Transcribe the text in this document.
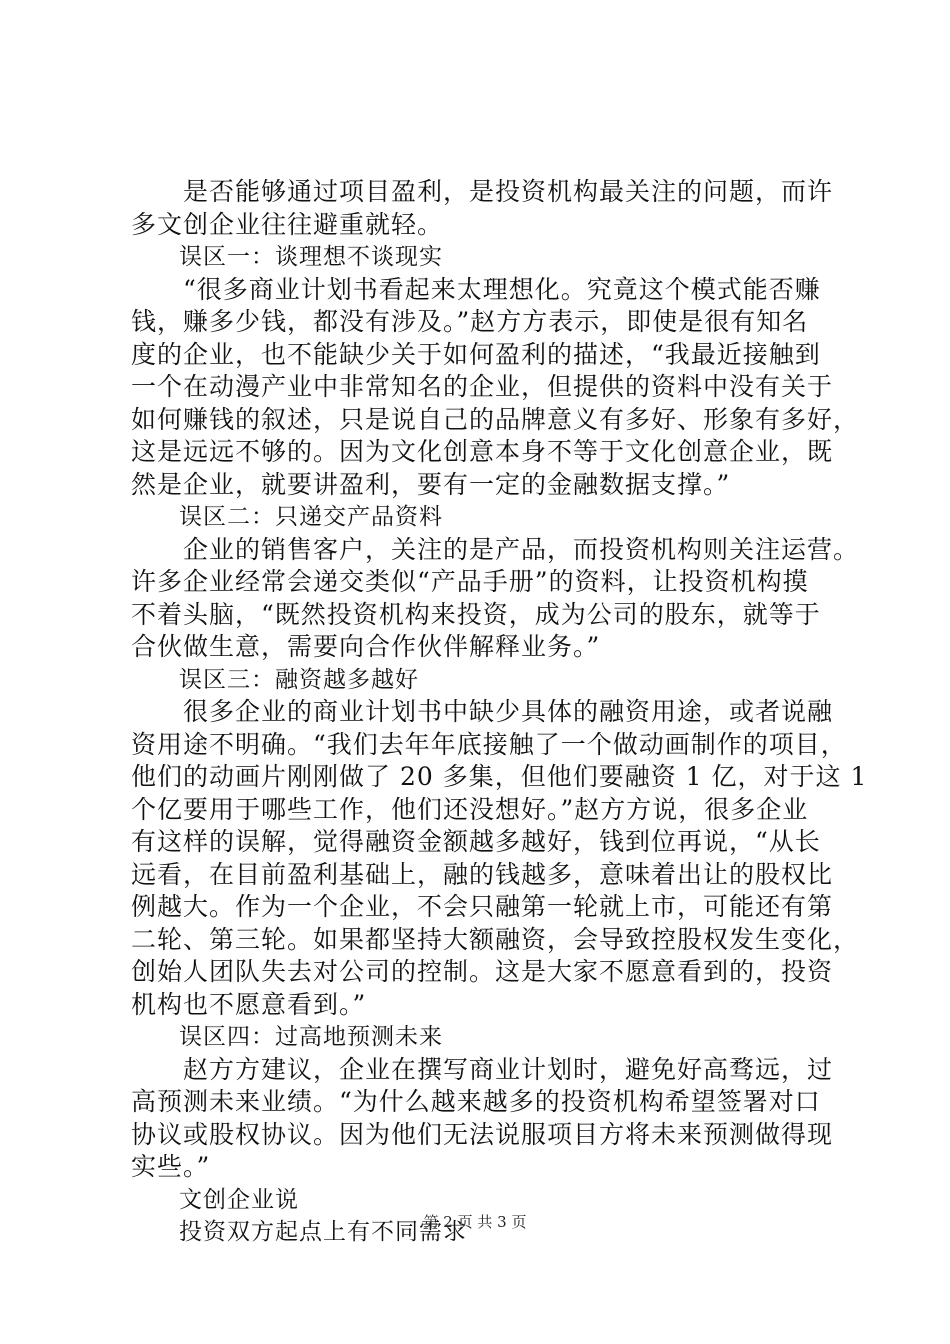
　　是否能够通过项目盈利，是投资机构最关注的问题，而许
多文创企业往往避重就轻。
　　误区一：谈理想不谈现实
　　“很多商业计划书看起来太理想化。究竟这个模式能否赚
钱，赚多少钱，都没有涉及。”赵方方表示，即使是很有知名
度的企业，也不能缺少关于如何盈利的描述，“我最近接触到
一个在动漫产业中非常知名的企业，但提供的资料中没有关于
如何赚钱的叙述，只是说自己的品牌意义有多好、形象有多好，
这是远远不够的。因为文化创意本身不等于文化创意企业，既
然是企业，就要讲盈利，要有一定的金融数据支撑。”
　　误区二：只递交产品资料
　　企业的销售客户，关注的是产品，而投资机构则关注运营。
许多企业经常会递交类似“产品手册”的资料，让投资机构摸
不着头脑，“既然投资机构来投资，成为公司的股东，就等于
合伙做生意，需要向合作伙伴解释业务。”
　　误区三：融资越多越好
　　很多企业的商业计划书中缺少具体的融资用途，或者说融
资用途不明确。“我们去年年底接触了一个做动画制作的项目，
他们的动画片刚刚做了 20 多集，但他们要融资 1 亿，对于这 1
个亿要用于哪些工作，他们还没想好。”赵方方说，很多企业
有这样的误解，觉得融资金额越多越好，钱到位再说，“从长
远看，在目前盈利基础上，融的钱越多，意味着出让的股权比
例越大。作为一个企业，不会只融第一轮就上市，可能还有第
二轮、第三轮。如果都坚持大额融资，会导致控股权发生变化，
创始人团队失去对公司的控制。这是大家不愿意看到的，投资
机构也不愿意看到。”
　　误区四：过高地预测未来
　　赵方方建议，企业在撰写商业计划时，避免好高骛远，过
高预测未来业绩。“为什么越来越多的投资机构希望签署对口
协议或股权协议。因为他们无法说服项目方将未来预测做得现
实些。”
　　文创企业说
　　投资双方起点上有不同需求
第 2 页 共 3 页
